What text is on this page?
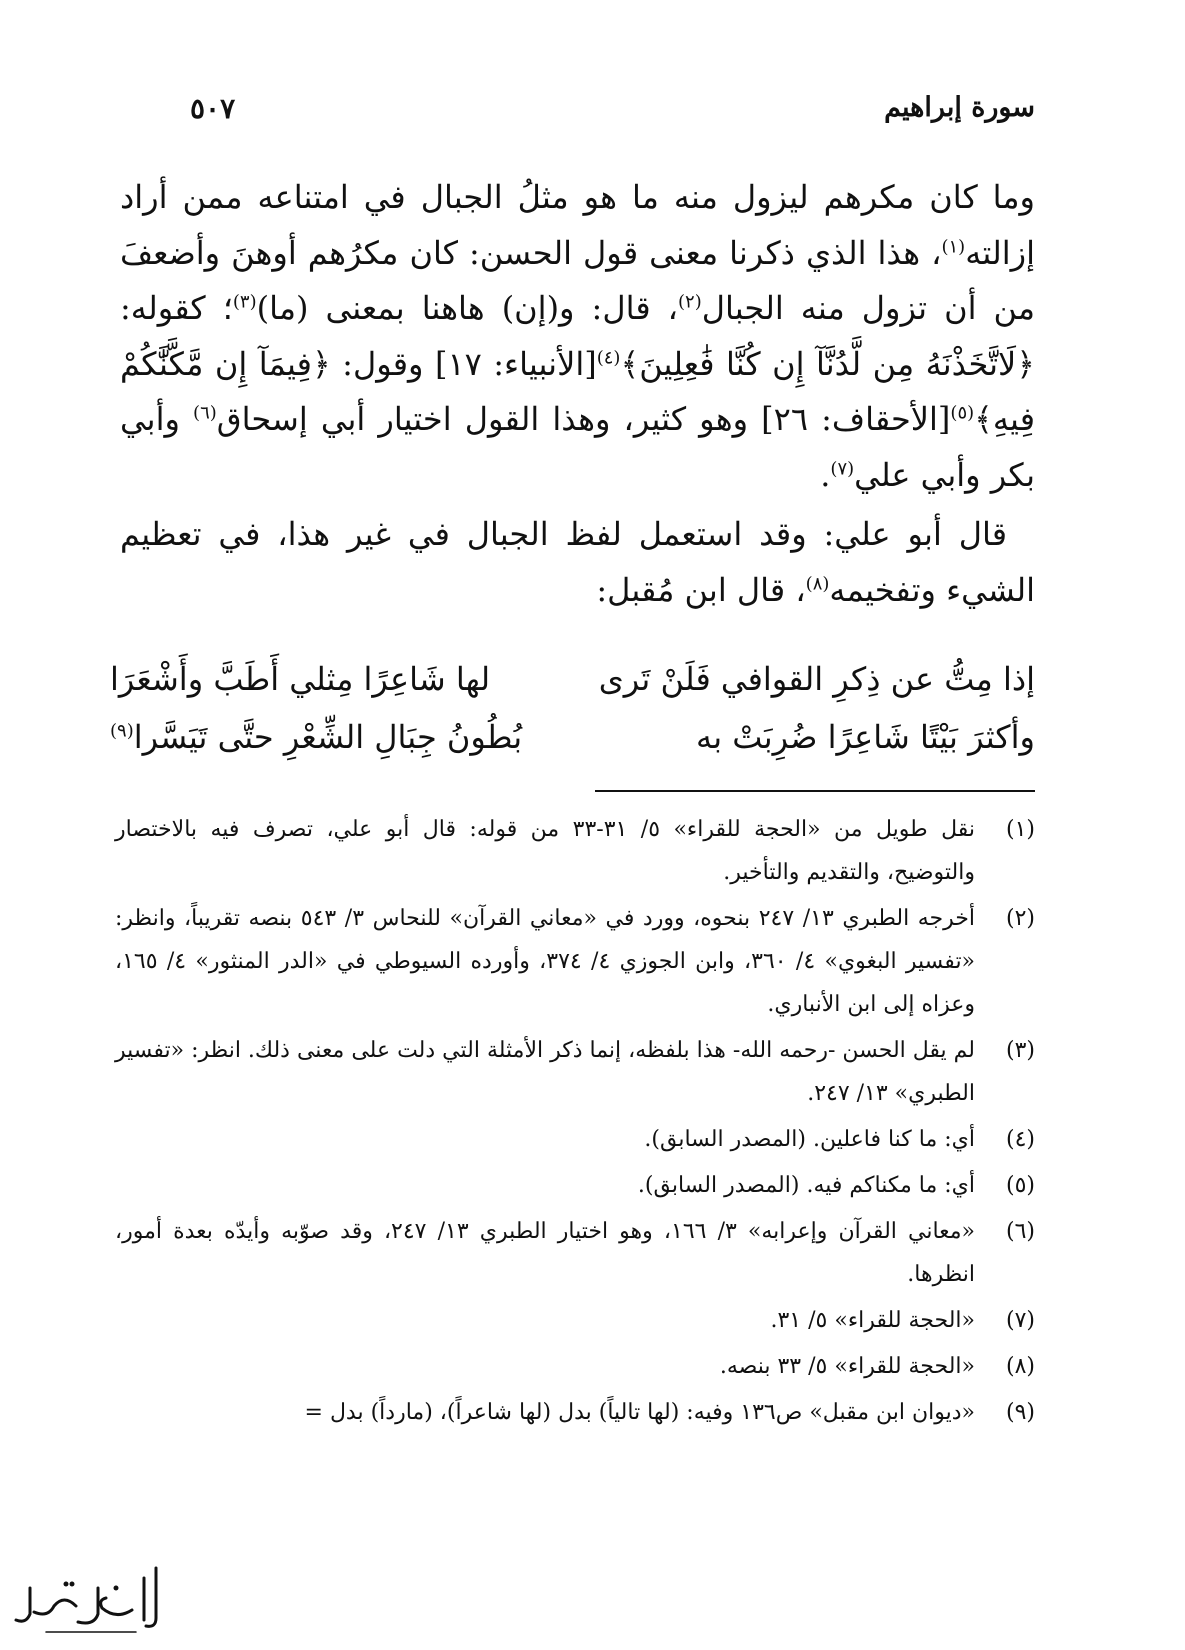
سورة إبراهيم
٥٠٧

وما كان مكرهم ليزول منه ما هو مثلُ الجبال في امتناعه ممن أراد إزالته$^{(١)}$، هذا الذي ذكرنا معنى قول الحسن: كان مكرُهم أوهنَ وأضعفَ من أن تزول منه الجبال$^{(٢)}$، قال: و(إن) هاهنا بمعنى (ما)$^{(٣)}$؛ كقوله: ﴿لَاتَّخَذْنَهُ مِن لَّدُنَّآ إِن كُنَّا فَٰعِلِينَ﴾$^{(٤)}$[الأنبياء: ١٧] وقول: ﴿فِيمَآ إِن مَّكَّنَّٰكُمْ فِيهِ﴾$^{(٥)}$[الأحقاف: ٢٦] وهو كثير، وهذا القول اختيار أبي إسحاق$^{(٦)}$ وأبي بكر وأبي علي$^{(٧)}$.

قال أبو علي: وقد استعمل لفظ الجبال في غير هذا، في تعظيم الشيء وتفخيمه$^{(٨)}$، قال ابن مُقبل:

إذا مِتُّ عن ذِكرِ القوافي فَلَنْ تَرى
لها شَاعِرًا مِثلي أَطَبَّ وأَشْعَرَا
وأكثرَ بَيْتًا شَاعِرًا ضُرِبَتْ به
بُطُونُ جِبَالِ الشِّعْرِ حتَّى تَيَسَّرا$^{(٩)}$

(١)
نقل طويل من «الحجة للقراء» ٥/ ٣١-٣٣ من قوله: قال أبو علي، تصرف فيه بالاختصار والتوضيح، والتقديم والتأخير.

(٢)
أخرجه الطبري ١٣/ ٢٤٧ بنحوه، وورد في «معاني القرآن» للنحاس ٣/ ٥٤٣ بنصه تقريباً، وانظر: «تفسير البغوي» ٤/ ٣٦٠، وابن الجوزي ٤/ ٣٧٤، وأورده السيوطي في «الدر المنثور» ٤/ ١٦٥، وعزاه إلى ابن الأنباري.

(٣)
لم يقل الحسن -رحمه الله- هذا بلفظه، إنما ذكر الأمثلة التي دلت على معنى ذلك. انظر: «تفسير الطبري» ١٣/ ٢٤٧.

(٤)
أي: ما كنا فاعلين. (المصدر السابق).

(٥)
أي: ما مكناكم فيه. (المصدر السابق).

(٦)
«معاني القرآن وإعرابه» ٣/ ١٦٦، وهو اختيار الطبري ١٣/ ٢٤٧، وقد صوّبه وأيدّه بعدة أمور، انظرها.

(٧)
«الحجة للقراء» ٥/ ٣١.

(٨)
«الحجة للقراء» ٥/ ٣٣ بنصه.

(٩)
«ديوان ابن مقبل» ص١٣٦ وفيه: (لها تالياً) بدل (لها شاعراً)، (مارداً) بدل =
